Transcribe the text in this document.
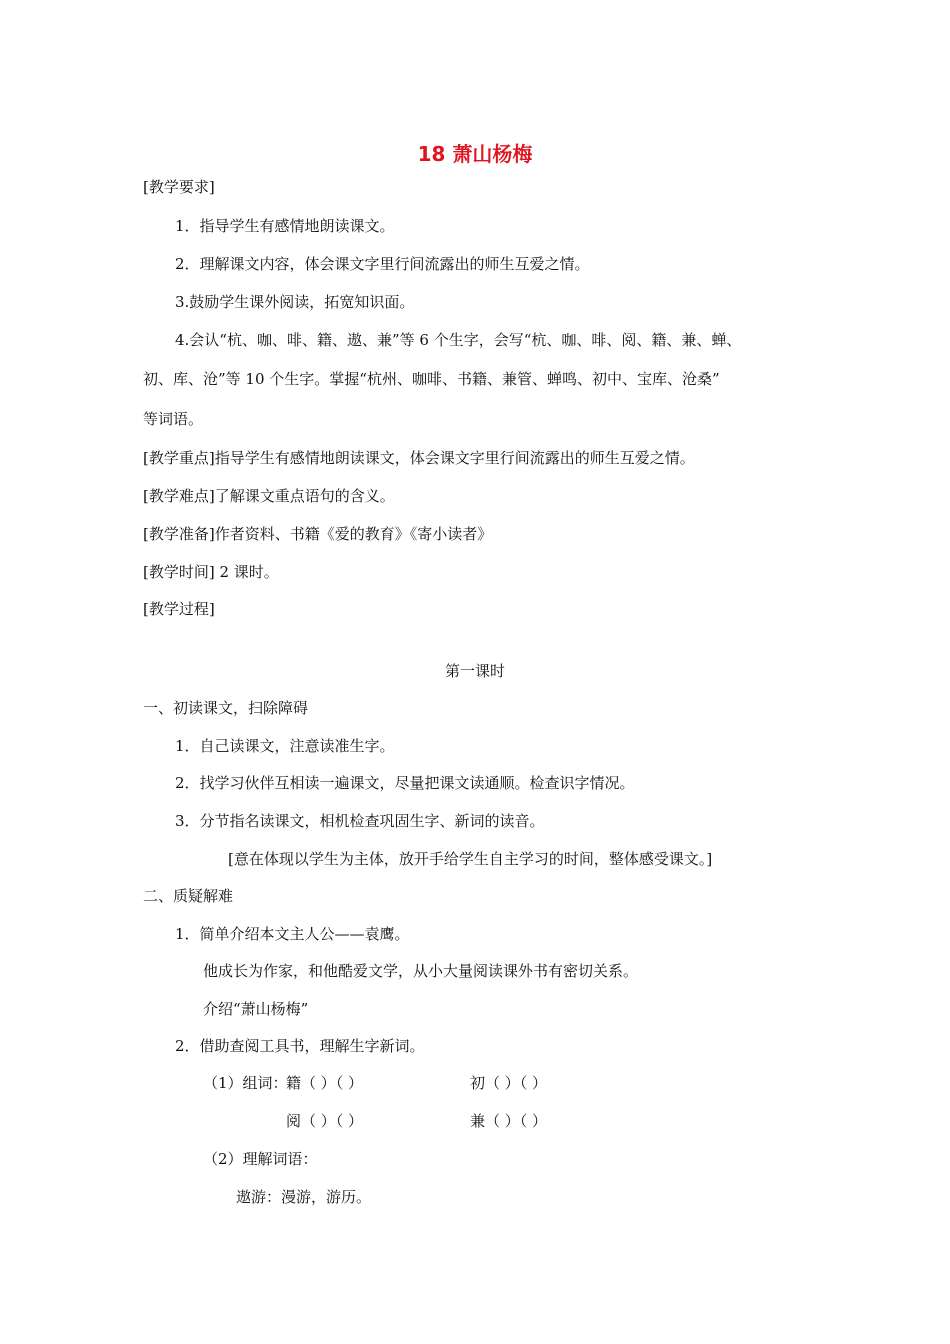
18 萧山杨梅
[教学要求]
1．指导学生有感情地朗读课文。
2．理解课文内容，体会课文字里行间流露出的师生互爱之情。
3.鼓励学生课外阅读，拓宽知识面。
4.会认“杭、咖、啡、籍、遨、兼”等 6 个生字，会写“杭、咖、啡、阅、籍、兼、蝉、
初、库、沧”等 10 个生字。掌握“杭州、咖啡、书籍、兼管、蝉鸣、初中、宝库、沧桑”
等词语。
[教学重点]指导学生有感情地朗读课文，体会课文字里行间流露出的师生互爱之情。
[教学难点]了解课文重点语句的含义。
[教学准备]作者资料、书籍《爱的教育》《寄小读者》
[教学时间] 2 课时。
[教学过程]
第一课时
一、初读课文，扫除障碍
1．自己读课文，注意读准生字。
2．找学习伙伴互相读一遍课文，尽量把课文读通顺。检查识字情况。
3．分节指名读课文，相机检查巩固生字、新词的读音。
[意在体现以学生为主体，放开手给学生自主学习的时间，整体感受课文。]
二、质疑解难
1．简单介绍本文主人公——袁鹰。
他成长为作家，和他酷爱文学，从小大量阅读课外书有密切关系。
介绍“萧山杨梅”
2．借助查阅工具书，理解生字新词。
（1）组词：
籍（ ）（ ）	初（ ）（ ）
阅（ ）（ ）	兼（ ）（ ）
（2）理解词语：
遨游：漫游，游历。
